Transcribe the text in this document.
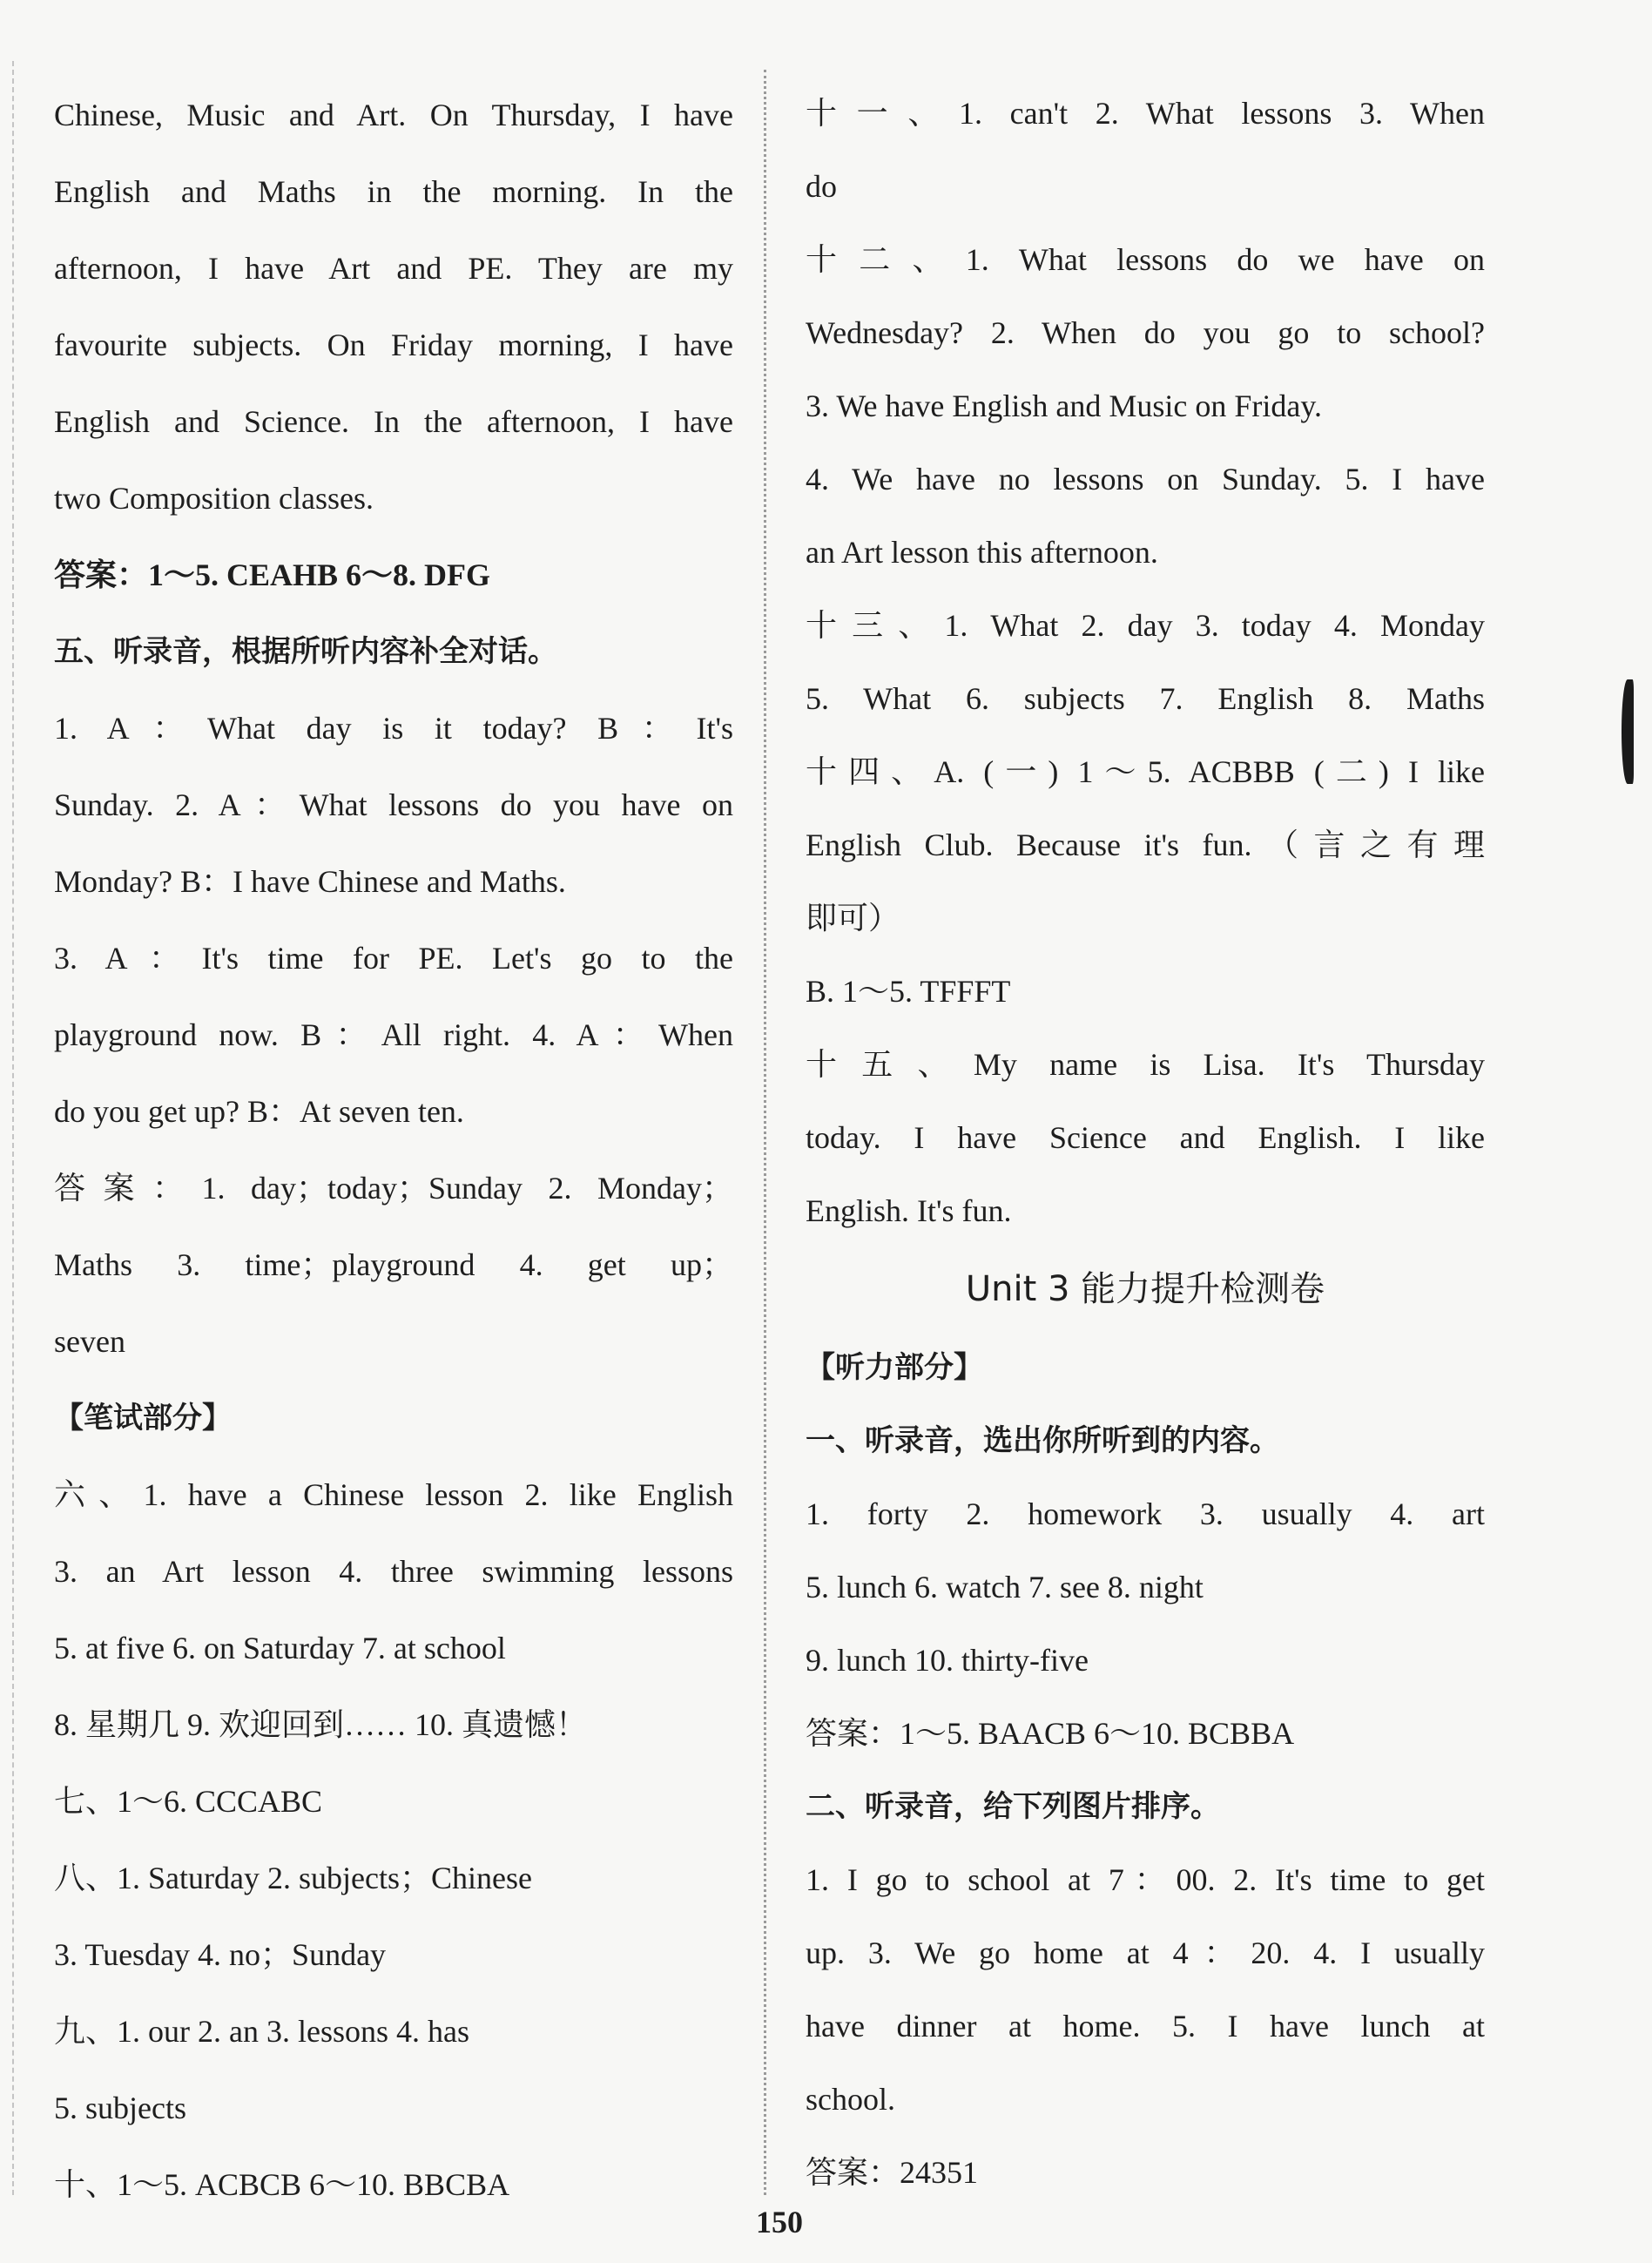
Chinese, Music and Art. On Thursday, I have
English and Maths in the morning. In the
afternoon, I have Art and PE. They are my
favourite subjects. On Friday morning, I have
English and Science. In the afternoon, I have
two Composition classes.
答案：1～5. CEAHB 6～8. DFG
五、听录音，根据所听内容补全对话。
1. A：What day is it today? B：It's
Sunday. 2. A：What lessons do you have on
Monday? B：I have Chinese and Maths.
3. A：It's time for PE. Let's go to the
playground now. B：All right. 4. A：When
do you get up? B：At seven ten.
答案：1. day；today；Sunday 2. Monday；
Maths 3. time；playground 4. get up；
seven
【笔试部分】
六、1. have a Chinese lesson 2. like English
3. an Art lesson 4. three swimming lessons
5. at five 6. on Saturday 7. at school
8. 星期几 9. 欢迎回到…… 10. 真遗憾！
七、1～6. CCCABC
八、1. Saturday 2. subjects；Chinese
3. Tuesday 4. no；Sunday
九、1. our 2. an 3. lessons 4. has
5. subjects
十、1～5. ACBCB 6～10. BBCBA
十一、1. can't 2. What lessons 3. When
do
十二、1. What lessons do we have on
Wednesday? 2. When do you go to school?
3. We have English and Music on Friday.
4. We have no lessons on Sunday. 5. I have
an Art lesson this afternoon.
十三、1. What 2. day 3. today 4. Monday
5. What 6. subjects 7. English 8. Maths
十四、A. (一) 1～5. ACBBB (二) I like
English Club. Because it's fun.（言之有理
即可）
B. 1～5. TFFFT
十五、My name is Lisa. It's Thursday
today. I have Science and English. I like
English. It's fun.
Unit 3 能力提升检测卷
【听力部分】
一、听录音，选出你所听到的内容。
1. forty 2. homework 3. usually 4. art
5. lunch 6. watch 7. see 8. night
9. lunch 10. thirty-five
答案：1～5. BAACB 6～10. BCBBA
二、听录音，给下列图片排序。
1. I go to school at 7：00. 2. It's time to get
up. 3. We go home at 4：20. 4. I usually
have dinner at home. 5. I have lunch at
school.
答案：24351
150
